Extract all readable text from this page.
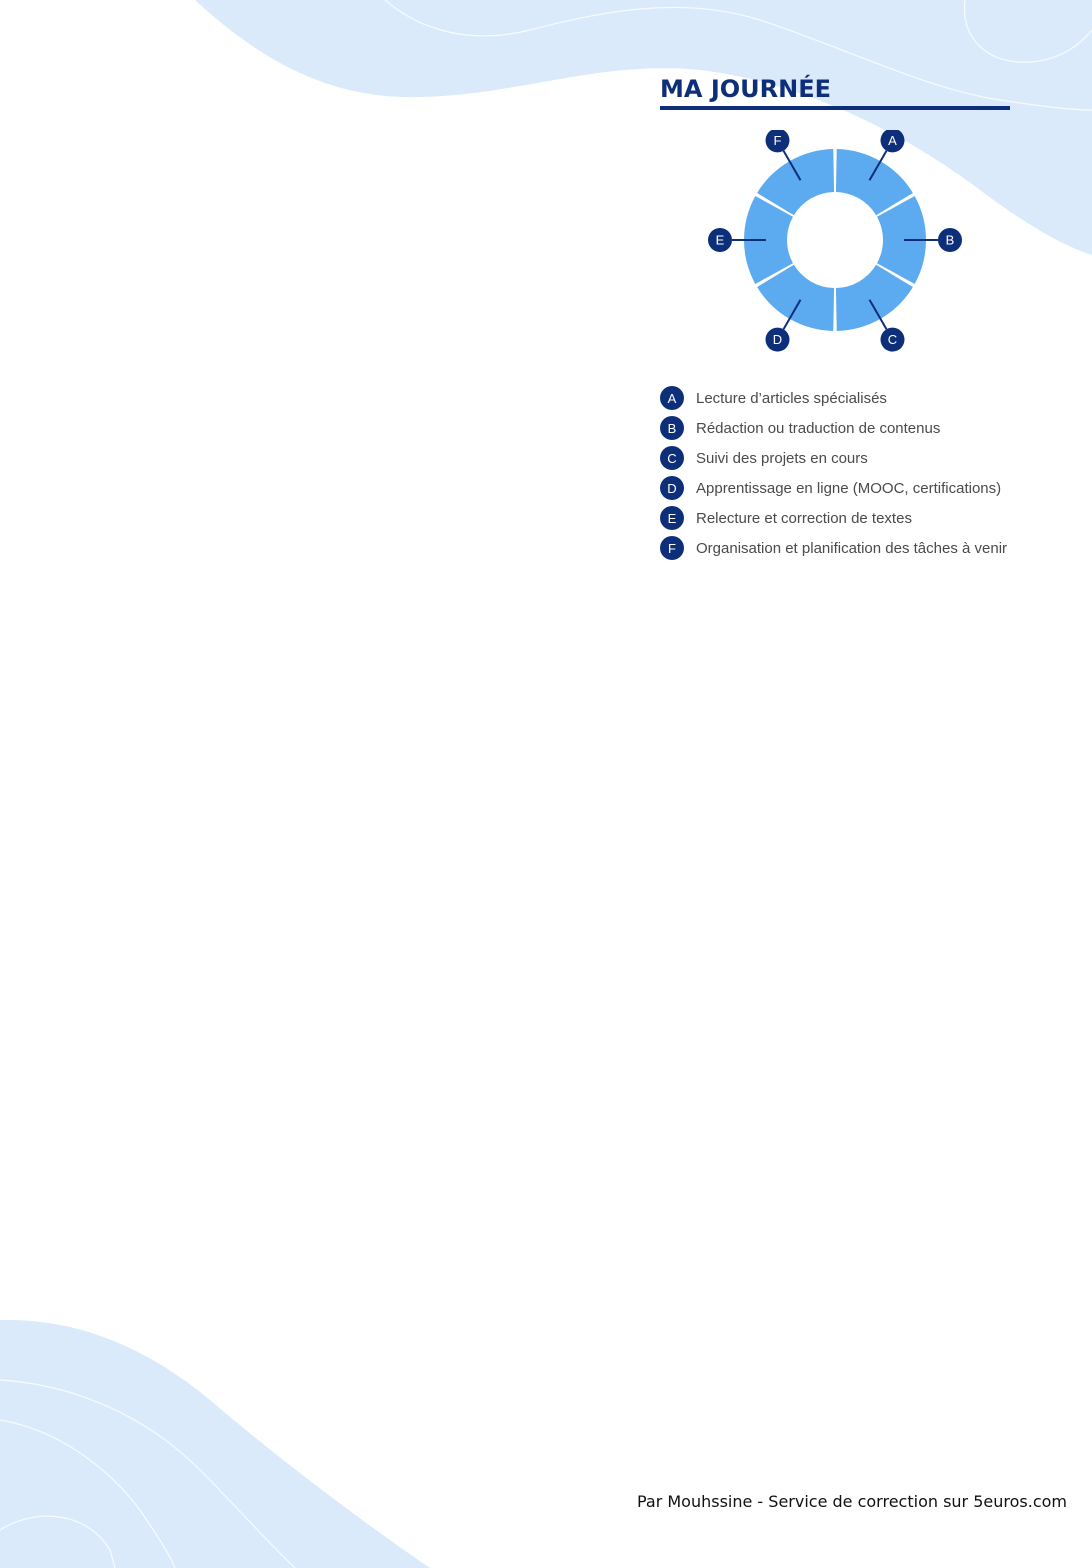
MA JOURNÉE
A
B
C
D
E
F
A	Lecture d’articles spécialisés
B	Rédaction ou traduction de contenus
C	Suivi des projets en cours
D	Apprentissage en ligne (MOOC, certifications)
E	Relecture et correction de textes
F	Organisation et planification des tâches à venir
Par Mouhssine - Service de correction sur 5euros.com
